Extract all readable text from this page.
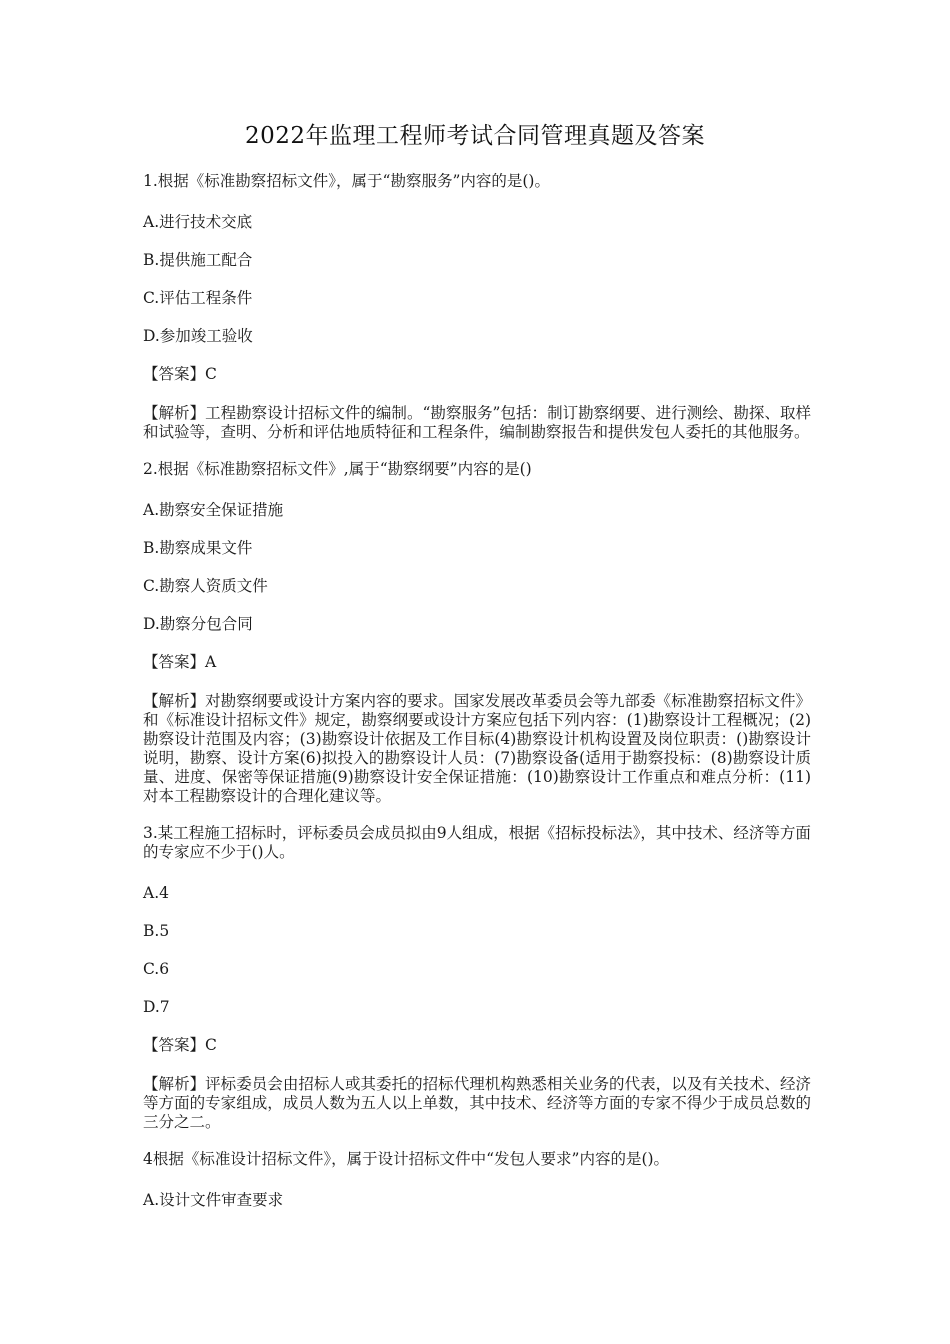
2022年监理工程师考试合同管理真题及答案

1.根据《标准勘察招标文件》，属于“勘察服务”内容的是()。

A.进行技术交底

B.提供施工配合

C.评估工程条件

D.参加竣工验收

【答案】C

【解析】工程勘察设计招标文件的编制。“勘察服务”包括：制订勘察纲要、进行测绘、勘探、取样和试验等，查明、分析和评估地质特征和工程条件，编制勘察报告和提供发包人委托的其他服务。

2.根据《标准勘察招标文件》,属于“勘察纲要”内容的是()

A.勘察安全保证措施

B.勘察成果文件

C.勘察人资质文件

D.勘察分包合同

【答案】A

【解析】对勘察纲要或设计方案内容的要求。国家发展改革委员会等九部委《标准勘察招标文件》和《标准设计招标文件》规定，勘察纲要或设计方案应包括下列内容：(1)勘察设计工程概况；(2)勘察设计范围及内容；(3)勘察设计依据及工作目标(4)勘察设计机构设置及岗位职责：()勘察设计说明，勘察、设计方案(6)拟投入的勘察设计人员：(7)勘察设备(适用于勘察投标：(8)勘察设计质量、进度、保密等保证措施(9)勘察设计安全保证措施：(10)勘察设计工作重点和难点分析：(11)对本工程勘察设计的合理化建议等。

3.某工程施工招标时，评标委员会成员拟由9人组成，根据《招标投标法》，其中技术、经济等方面的专家应不少于()人。

A.4

B.5

C.6

D.7

【答案】C

【解析】评标委员会由招标人或其委托的招标代理机构熟悉相关业务的代表，以及有关技术、经济等方面的专家组成，成员人数为五人以上单数，其中技术、经济等方面的专家不得少于成员总数的三分之二。

4根据《标准设计招标文件》，属于设计招标文件中“发包人要求”内容的是()。

A.设计文件审查要求
